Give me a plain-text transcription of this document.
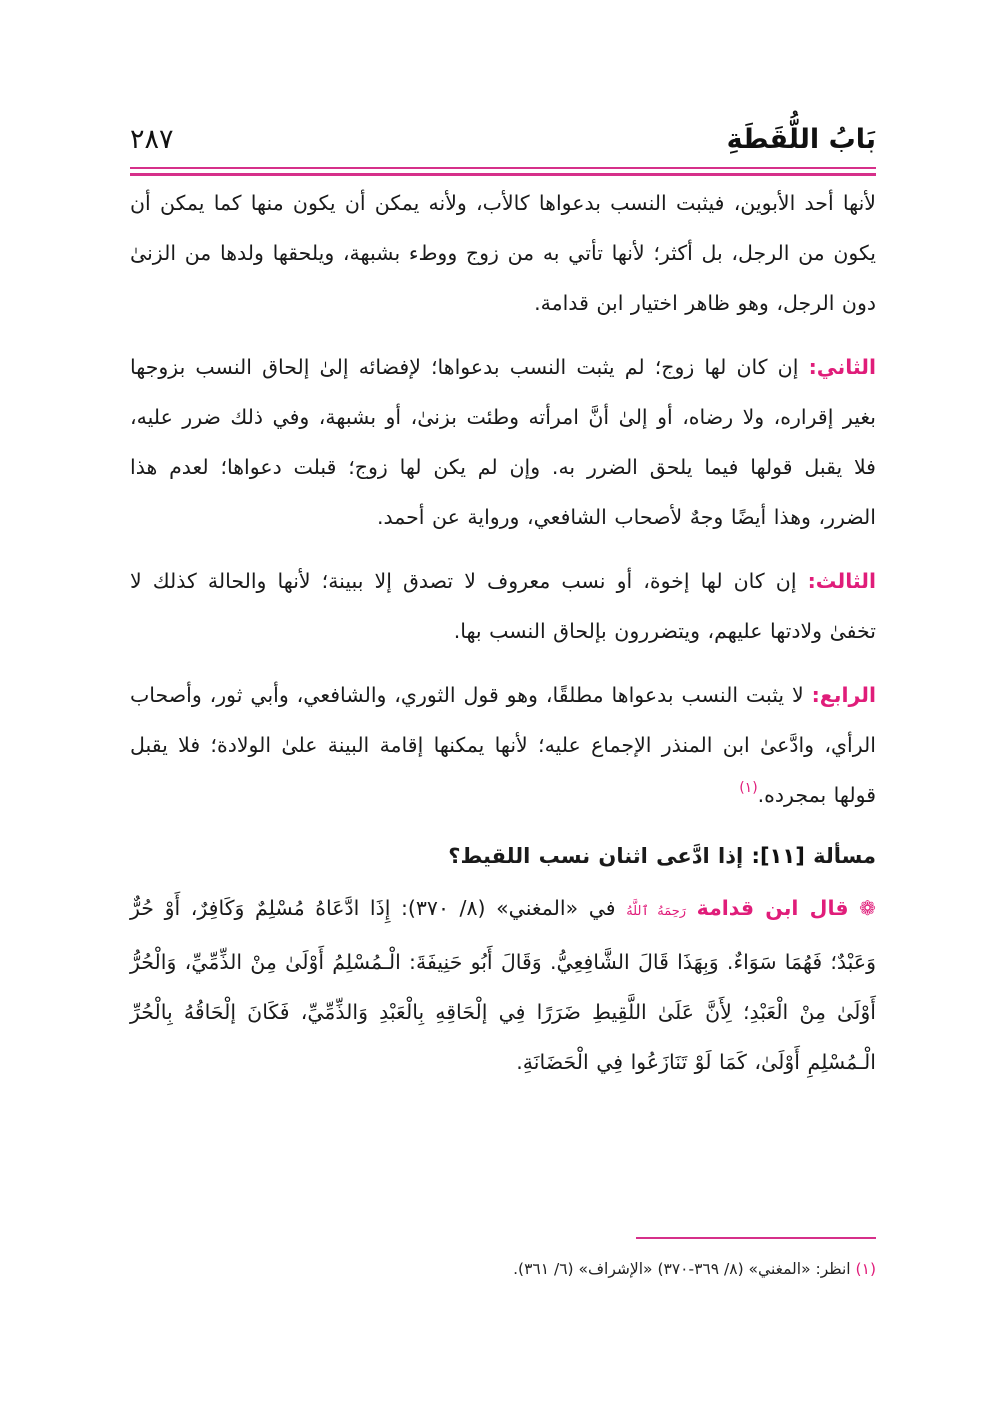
بَابُ اللُّقَطَةِ
٢٨٧

لأنها أحد الأبوين، فيثبت النسب بدعواها كالأب، ولأنه يمكن أن يكون منها كما يمكن أن يكون من الرجل، بل أكثر؛ لأنها تأتي به من زوج ووطء بشبهة، ويلحقها ولدها من الزنىٰ دون الرجل، وهو ظاهر اختيار ابن قدامة.

الثاني: إن كان لها زوج؛ لم يثبت النسب بدعواها؛ لإفضائه إلىٰ إلحاق النسب بزوجها بغير إقراره، ولا رضاه، أو إلىٰ أنَّ امرأته وطئت بزنىٰ، أو بشبهة، وفي ذلك ضرر عليه، فلا يقبل قولها فيما يلحق الضرر به. وإن لم يكن لها زوج؛ قبلت دعواها؛ لعدم هذا الضرر، وهذا أيضًا وجهٌ لأصحاب الشافعي، ورواية عن أحمد.

الثالث: إن كان لها إخوة، أو نسب معروف لا تصدق إلا ببينة؛ لأنها والحالة كذلك لا تخفىٰ ولادتها عليهم، ويتضررون بإلحاق النسب بها.

الرابع: لا يثبت النسب بدعواها مطلقًا، وهو قول الثوري، والشافعي، وأبي ثور، وأصحاب الرأي، وادَّعىٰ ابن المنذر الإجماع عليه؛ لأنها يمكنها إقامة البينة علىٰ الولادة؛ فلا يقبل قولها بمجرده.$^{(١)}$

مسألة [١١]: إذا ادَّعى اثنان نسب اللقيط؟

❁ قال ابن قدامة رَحِمَهُ ٱللَّهُ في «المغني» (٨/ ٣٧٠): إِذَا ادَّعَاهُ مُسْلِمٌ وَكَافِرٌ، أَوْ حُرٌّ وَعَبْدٌ؛ فَهُمَا سَوَاءٌ. وَبِهَذَا قَالَ الشَّافِعِيُّ. وَقَالَ أَبُو حَنِيفَةَ: الْـمُسْلِمُ أَوْلَىٰ مِنْ الذِّمِّيِّ، وَالْحُرُّ أَوْلَىٰ مِنْ الْعَبْدِ؛ لِأَنَّ عَلَىٰ اللَّقِيطِ ضَرَرًا فِي إلْحَاقِهِ بِالْعَبْدِ وَالذِّمِّيِّ، فَكَانَ إلْحَاقُهُ بِالْحُرِّ الْـمُسْلِمِ أَوْلَىٰ، كَمَا لَوْ تَنَازَعُوا فِي الْحَضَانَةِ.

(١) انظر: «المغني» (٨/ ٣٦٩-٣٧٠) «الإشراف» (٦/ ٣٦١).
